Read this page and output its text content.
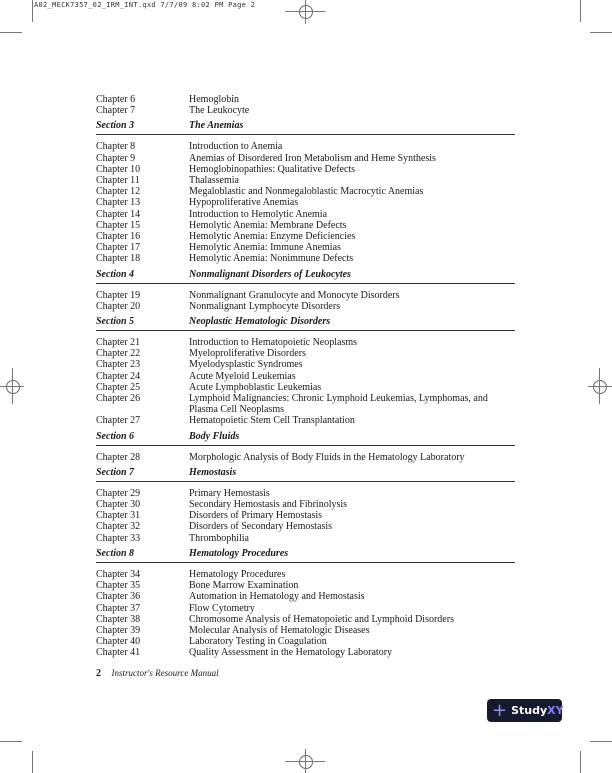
A02_MECK7357_02_IRM_INT.qxd 7/7/09 8:02 PM Page 2
Chapter 6	Hemoglobin
Chapter 7	The Leukocyte
Section 3	The Anemias
Chapter 8	Introduction to Anemia
Chapter 9	Anemias of Disordered Iron Metabolism and Heme Synthesis
Chapter 10	Hemoglobinopathies: Qualitative Defects
Chapter 11	Thalassemia
Chapter 12	Megaloblastic and Nonmegaloblastic Macrocytic Anemias
Chapter 13	Hypoproliferative Anemias
Chapter 14	Introduction to Hemolytic Anemia
Chapter 15	Hemolytic Anemia: Membrane Defects
Chapter 16	Hemolytic Anemia: Enzyme Deficiencies
Chapter 17	Hemolytic Anemia: Immune Anemias
Chapter 18	Hemolytic Anemia: Nonimmune Defects
Section 4	Nonmalignant Disorders of Leukocytes
Chapter 19	Nonmalignant Granulocyte and Monocyte Disorders
Chapter 20	Nonmalignant Lymphocyte Disorders
Section 5	Neoplastic Hematologic Disorders
Chapter 21	Introduction to Hematopoietic Neoplasms
Chapter 22	Myeloproliferative Disorders
Chapter 23	Myelodysplastic Syndromes
Chapter 24	Acute Myeloid Leukemias
Chapter 25	Acute Lymphoblastic Leukemias
Chapter 26	Lymphoid Malignancies: Chronic Lymphoid Leukemias, Lymphomas, and Plasma Cell Neoplasms
Chapter 27	Hematopoietic Stem Cell Transplantation
Section 6	Body Fluids
Chapter 28	Morphologic Analysis of Body Fluids in the Hematology Laboratory
Section 7	Hemostasis
Chapter 29	Primary Hemostasis
Chapter 30	Secondary Hemostasis and Fibrinolysis
Chapter 31	Disorders of Primary Hemostasis
Chapter 32	Disorders of Secondary Hemostasis
Chapter 33	Thrombophilia
Section 8	Hematology Procedures
Chapter 34	Hematology Procedures
Chapter 35	Bone Marrow Examination
Chapter 36	Automation in Hematology and Hemostasis
Chapter 37	Flow Cytometry
Chapter 38	Chromosome Analysis of Hematopoietic and Lymphoid Disorders
Chapter 39	Molecular Analysis of Hematologic Diseases
Chapter 40	Laboratory Testing in Coagulation
Chapter 41	Quality Assessment in the Hematology Laboratory
2 Instructor's Resource Manual
+ Study XY
